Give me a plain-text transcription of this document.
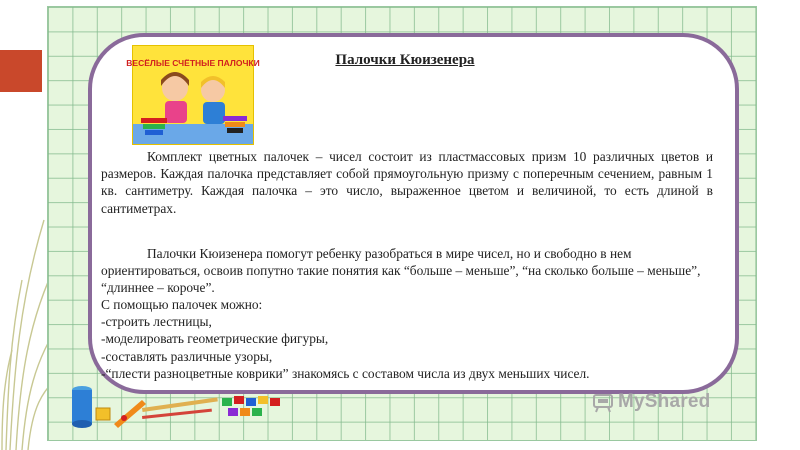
ВЕСЁЛЫЕ СЧЁТНЫЕ ПАЛОЧКИ	Палочки Кюизенера

Комплект цветных палочек – чисел состоит из пластмассовых призм 10 различных цветов и размеров. Каждая палочка представляет собой прямоугольную призму с поперечным сечением, равным 1 кв. сантиметру. Каждая палочка – это число, выраженное цветом и величиной, то есть длиной в сантиметрах.

Палочки Кюизенера помогут ребенку разобраться в мире чисел, но и свободно в нем ориентироваться, освоив попутно такие понятия как “больше – меньше”, “на сколько больше – меньше”, “длиннее – короче”.

С помощью палочек можно:
-строить лестницы,
-моделировать геометрические фигуры,
-составлять различные узоры,
-“плести разноцветные коврики” знакомясь с составом числа из двух меньших чисел.
MyShared
